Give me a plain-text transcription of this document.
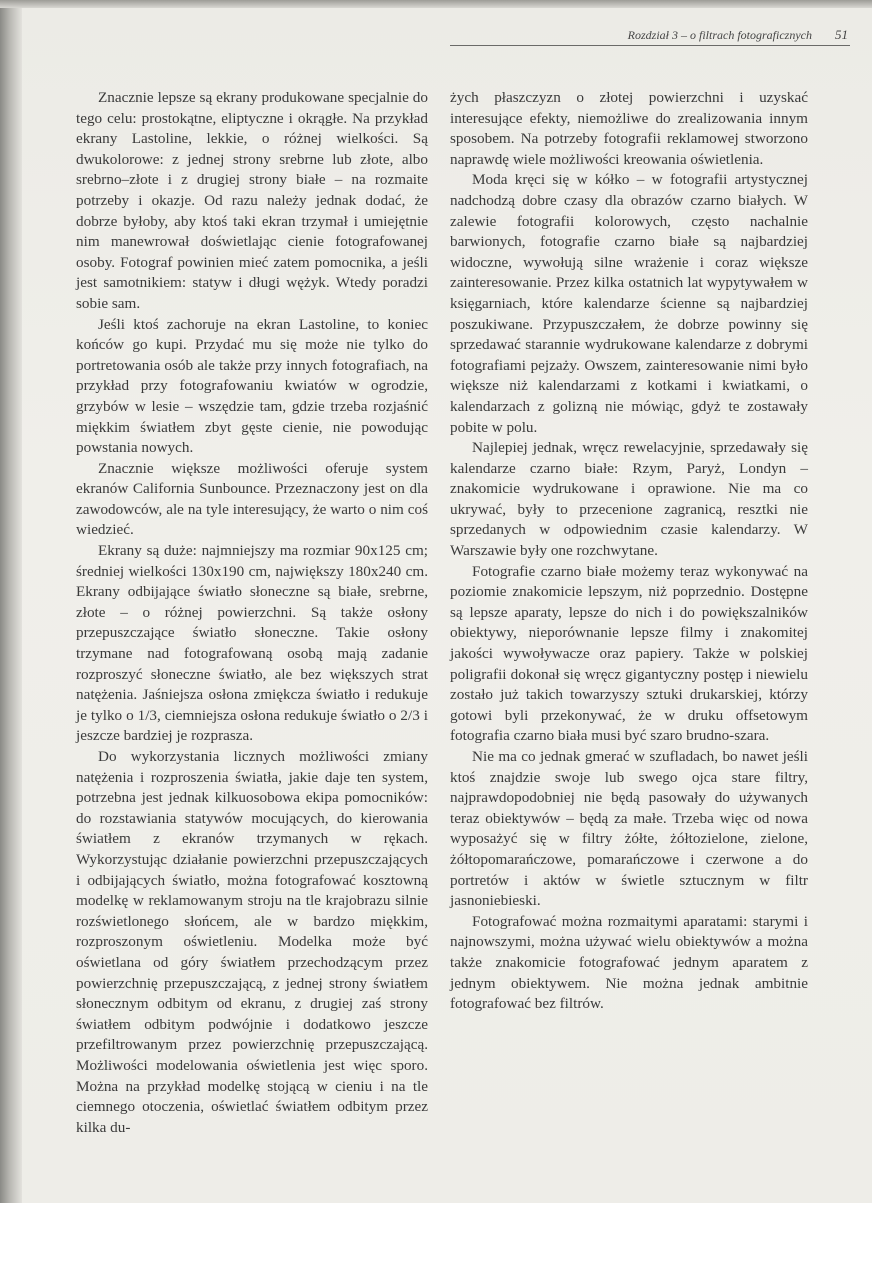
Rozdział 3 – o filtrach fotograficznych 51

Znacznie lepsze są ekrany produkowane specjalnie do tego celu: prostokątne, eliptyczne i okrągłe. Na przykład ekrany Lastoline, lekkie, o różnej wielkości. Są dwukolorowe: z jednej strony srebrne lub złote, albo srebrno–złote i z drugiej strony białe – na rozmaite potrzeby i okazje. Od razu należy jednak dodać, że dobrze byłoby, aby ktoś taki ekran trzymał i umiejętnie nim manewrował doświetlając cienie fotografowanej osoby. Fotograf powinien mieć zatem pomocnika, a jeśli jest samotnikiem: statyw i długi wężyk. Wtedy poradzi sobie sam.

Jeśli ktoś zachoruje na ekran Lastoline, to koniec końców go kupi. Przydać mu się może nie tylko do portretowania osób ale także przy innych fotografiach, na przykład przy fotografowaniu kwiatów w ogrodzie, grzybów w lesie – wszędzie tam, gdzie trzeba rozjaśnić miękkim światłem zbyt gęste cienie, nie powodując powstania nowych.

Znacznie większe możliwości oferuje system ekranów California Sunbounce. Przeznaczony jest on dla zawodowców, ale na tyle interesujący, że warto o nim coś wiedzieć.

Ekrany są duże: najmniejszy ma rozmiar 90x125 cm; średniej wielkości 130x190 cm, największy 180x240 cm. Ekrany odbijające światło słoneczne są białe, srebrne, złote – o różnej powierzchni. Są także osłony przepuszczające światło słoneczne. Takie osłony trzymane nad fotografowaną osobą mają zadanie rozproszyć słoneczne światło, ale bez większych strat natężenia. Jaśniejsza osłona zmiękcza światło i redukuje je tylko o 1/3, ciemniejsza osłona redukuje światło o 2/3 i jeszcze bardziej je rozprasza.

Do wykorzystania licznych możliwości zmiany natężenia i rozproszenia światła, jakie daje ten system, potrzebna jest jednak kilkuosobowa ekipa pomocników: do rozstawiania statywów mocujących, do kierowania światłem z ekranów trzymanych w rękach. Wykorzystując działanie powierzchni przepuszczających i odbijających światło, można fotografować kosztowną modelkę w reklamowanym stroju na tle krajobrazu silnie rozświetlonego słońcem, ale w bardzo miękkim, rozproszonym oświetleniu. Modelka może być oświetlana od góry światłem przechodzącym przez powierzchnię przepuszczającą, z jednej strony światłem słonecznym odbitym od ekranu, z drugiej zaś strony światłem odbitym podwójnie i dodatkowo jeszcze przefiltrowanym przez powierzchnię przepuszczającą. Możliwości modelowania oświetlenia jest więc sporo. Można na przykład modelkę stojącą w cieniu i na tle ciemnego otoczenia, oświetlać światłem odbitym przez kilka du-

żych płaszczyzn o złotej powierzchni i uzyskać interesujące efekty, niemożliwe do zrealizowania innym sposobem. Na potrzeby fotografii reklamowej stworzono naprawdę wiele możliwości kreowania oświetlenia.

Moda kręci się w kółko – w fotografii artystycznej nadchodzą dobre czasy dla obrazów czarno białych. W zalewie fotografii kolorowych, często nachalnie barwionych, fotografie czarno białe są najbardziej widoczne, wywołują silne wrażenie i coraz większe zainteresowanie. Przez kilka ostatnich lat wypytywałem w księgarniach, które kalendarze ścienne są najbardziej poszukiwane. Przypuszczałem, że dobrze powinny się sprzedawać starannie wydrukowane kalendarze z dobrymi fotografiami pejzaży. Owszem, zainteresowanie nimi było większe niż kalendarzami z kotkami i kwiatkami, o kalendarzach z golizną nie mówiąc, gdyż te zostawały pobite w polu.

Najlepiej jednak, wręcz rewelacyjnie, sprzedawały się kalendarze czarno białe: Rzym, Paryż, Londyn – znakomicie wydrukowane i oprawione. Nie ma co ukrywać, były to przecenione zagranicą, resztki nie sprzedanych w odpowiednim czasie kalendarzy. W Warszawie były one rozchwytane.

Fotografie czarno białe możemy teraz wykonywać na poziomie znakomicie lepszym, niż poprzednio. Dostępne są lepsze aparaty, lepsze do nich i do powiększalników obiektywy, nieporównanie lepsze filmy i znakomitej jakości wywoływacze oraz papiery. Także w polskiej poligrafii dokonał się wręcz gigantyczny postęp i niewielu zostało już takich towarzyszy sztuki drukarskiej, którzy gotowi byli przekonywać, że w druku offsetowym fotografia czarno biała musi być szaro brudno-szara.

Nie ma co jednak gmerać w szufladach, bo nawet jeśli ktoś znajdzie swoje lub swego ojca stare filtry, najprawdopodobniej nie będą pasowały do używanych teraz obiektywów – będą za małe. Trzeba więc od nowa wyposażyć się w filtry żółte, żółtozielone, zielone, żółtopomarańczowe, pomarańczowe i czerwone a do portretów i aktów w świetle sztucznym w filtr jasnoniebieski.

Fotografować można rozmaitymi aparatami: starymi i najnowszymi, można używać wielu obiektywów a można także znakomicie fotografować jednym aparatem z jednym obiektywem. Nie można jednak ambitnie fotografować bez filtrów.
